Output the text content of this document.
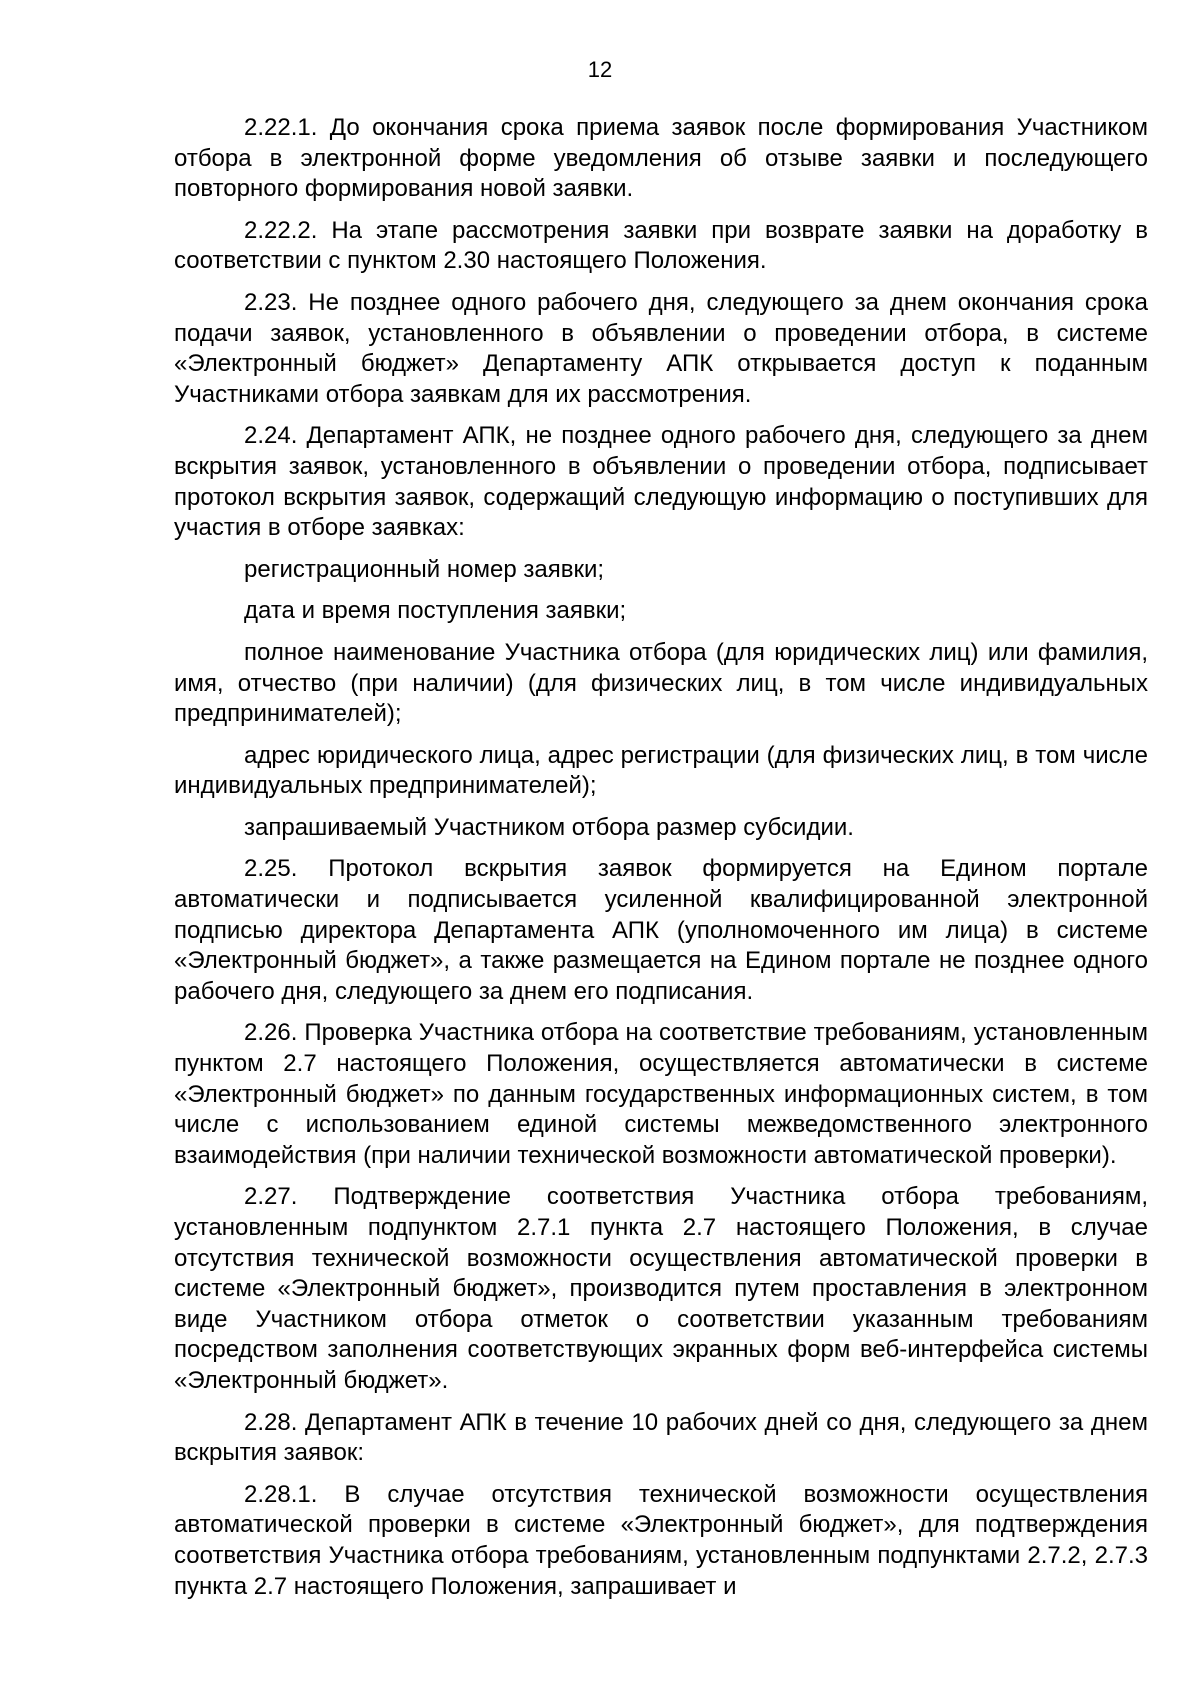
12

2.22.1. До окончания срока приема заявок после формирования Участником отбора в электронной форме уведомления об отзыве заявки и последующего повторного формирования новой заявки.

2.22.2. На этапе рассмотрения заявки при возврате заявки на доработку в соответствии с пунктом 2.30 настоящего Положения.

2.23. Не позднее одного рабочего дня, следующего за днем окончания срока подачи заявок, установленного в объявлении о проведении отбора, в системе «Электронный бюджет» Департаменту АПК открывается доступ к поданным Участниками отбора заявкам для их рассмотрения.

2.24. Департамент АПК, не позднее одного рабочего дня, следующего за днем вскрытия заявок, установленного в объявлении о проведении отбора, подписывает протокол вскрытия заявок, содержащий следующую информацию о поступивших для участия в отборе заявках:

регистрационный номер заявки;

дата и время поступления заявки;

полное наименование Участника отбора (для юридических лиц) или фамилия, имя, отчество (при наличии) (для физических лиц, в том числе индивидуальных предпринимателей);

адрес юридического лица, адрес регистрации (для физических лиц, в том числе индивидуальных предпринимателей);

запрашиваемый Участником отбора размер субсидии.

2.25. Протокол вскрытия заявок формируется на Едином портале автоматически и подписывается усиленной квалифицированной электронной подписью директора Департамента АПК (уполномоченного им лица) в системе «Электронный бюджет», а также размещается на Едином портале не позднее одного рабочего дня, следующего за днем его подписания.

2.26. Проверка Участника отбора на соответствие требованиям, установленным пунктом 2.7 настоящего Положения, осуществляется автоматически в системе «Электронный бюджет» по данным государственных информационных систем, в том числе с использованием единой системы межведомственного электронного взаимодействия (при наличии технической возможности автоматической проверки).

2.27. Подтверждение соответствия Участника отбора требованиям, установленным подпунктом 2.7.1 пункта 2.7 настоящего Положения, в случае отсутствия технической возможности осуществления автоматической проверки в системе «Электронный бюджет», производится путем проставления в электронном виде Участником отбора отметок о соответствии указанным требованиям посредством заполнения соответствующих экранных форм веб-интерфейса системы «Электронный бюджет».

2.28. Департамент АПК в течение 10 рабочих дней со дня, следующего за днем вскрытия заявок:

2.28.1. В случае отсутствия технической возможности осуществления автоматической проверки в системе «Электронный бюджет», для подтверждения соответствия Участника отбора требованиям, установленным подпунктами 2.7.2, 2.7.3 пункта 2.7 настоящего Положения, запрашивает и
